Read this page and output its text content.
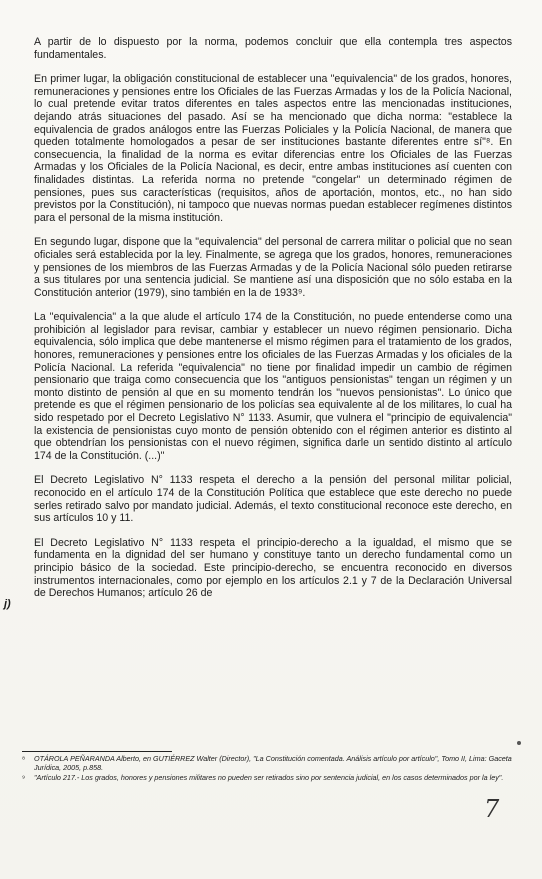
A partir de lo dispuesto por la norma, podemos concluir que ella contempla tres aspectos fundamentales.

En primer lugar, la obligación constitucional de establecer una "equivalencia" de los grados, honores, remuneraciones y pensiones entre los Oficiales de las Fuerzas Armadas y los de la Policía Nacional, lo cual pretende evitar tratos diferentes en tales aspectos entre las mencionadas instituciones, dejando atrás situaciones del pasado. Así se ha mencionado que dicha norma: "establece la equivalencia de grados análogos entre las Fuerzas Policiales y la Policía Nacional, de manera que queden totalmente homologados a pesar de ser instituciones bastante diferentes entre sí"⁸. En consecuencia, la finalidad de la norma es evitar diferencias entre los Oficiales de las Fuerzas Armadas y los Oficiales de la Policía Nacional, es decir, entre ambas instituciones así cuenten con finalidades distintas. La referida norma no pretende "congelar" un determinado régimen de pensiones, pues sus características (requisitos, años de aportación, montos, etc., no han sido previstos por la Constitución), ni tampoco que nuevas normas puedan establecer regímenes distintos para el personal de la misma institución.

En segundo lugar, dispone que la "equivalencia" del personal de carrera militar o policial que no sean oficiales será establecida por la ley. Finalmente, se agrega que los grados, honores, remuneraciones y pensiones de los miembros de las Fuerzas Armadas y de la Policía Nacional sólo pueden retirarse a sus titulares por una sentencia judicial. Se mantiene así una disposición que no sólo estaba en la Constitución anterior (1979), sino también en la de 1933⁹.

La "equivalencia" a la que alude el artículo 174 de la Constitución, no puede entenderse como una prohibición al legislador para revisar, cambiar y establecer un nuevo régimen pensionario. Dicha equivalencia, sólo implica que debe mantenerse el mismo régimen para el tratamiento de los grados, honores, remuneraciones y pensiones entre los oficiales de las Fuerzas Armadas y los oficiales de la Policía Nacional. La referida "equivalencia" no tiene por finalidad impedir un cambio de régimen pensionario que traiga como consecuencia que los "antiguos pensionistas" tengan un régimen y un monto distinto de pensión al que en su momento tendrán los "nuevos pensionistas". Lo único que pretende es que el régimen pensionario de los policías sea equivalente al de los militares, lo cual ha sido respetado por el Decreto Legislativo N° 1133. Asumir, que vulnera el "principio de equivalencia" la existencia de pensionistas cuyo monto de pensión obtenido con el régimen anterior es distinto al que obtendrían los pensionistas con el nuevo régimen, significa darle un sentido distinto al artículo 174 de la Constitución. (...)"

El Decreto Legislativo N° 1133 respeta el derecho a la pensión del personal militar policial, reconocido en el artículo 174 de la Constitución Política que establece que este derecho no puede serles retirado salvo por mandato judicial. Además, el texto constitucional reconoce este derecho, en sus artículos 10 y 11.

El Decreto Legislativo N° 1133 respeta el principio-derecho a la igualdad, el mismo que se fundamenta en la dignidad del ser humano y constituye tanto un derecho fundamental como un principio básico de la sociedad. Este principio-derecho, se encuentra reconocido en diversos instrumentos internacionales, como por ejemplo en los artículos 2.1 y 7 de la Declaración Universal de Derechos Humanos; artículo 26 de

j)
⁸	OTÁROLA PEÑARANDA Alberto, en GUTIÉRREZ Walter (Director), "La Constitución comentada. Análisis artículo por artículo", Tomo II, Lima: Gaceta Jurídica, 2005, p.858.
⁹	"Artículo 217.- Los grados, honores y pensiones militares no pueden ser retirados sino por sentencia judicial, en los casos determinados por la ley".
7
